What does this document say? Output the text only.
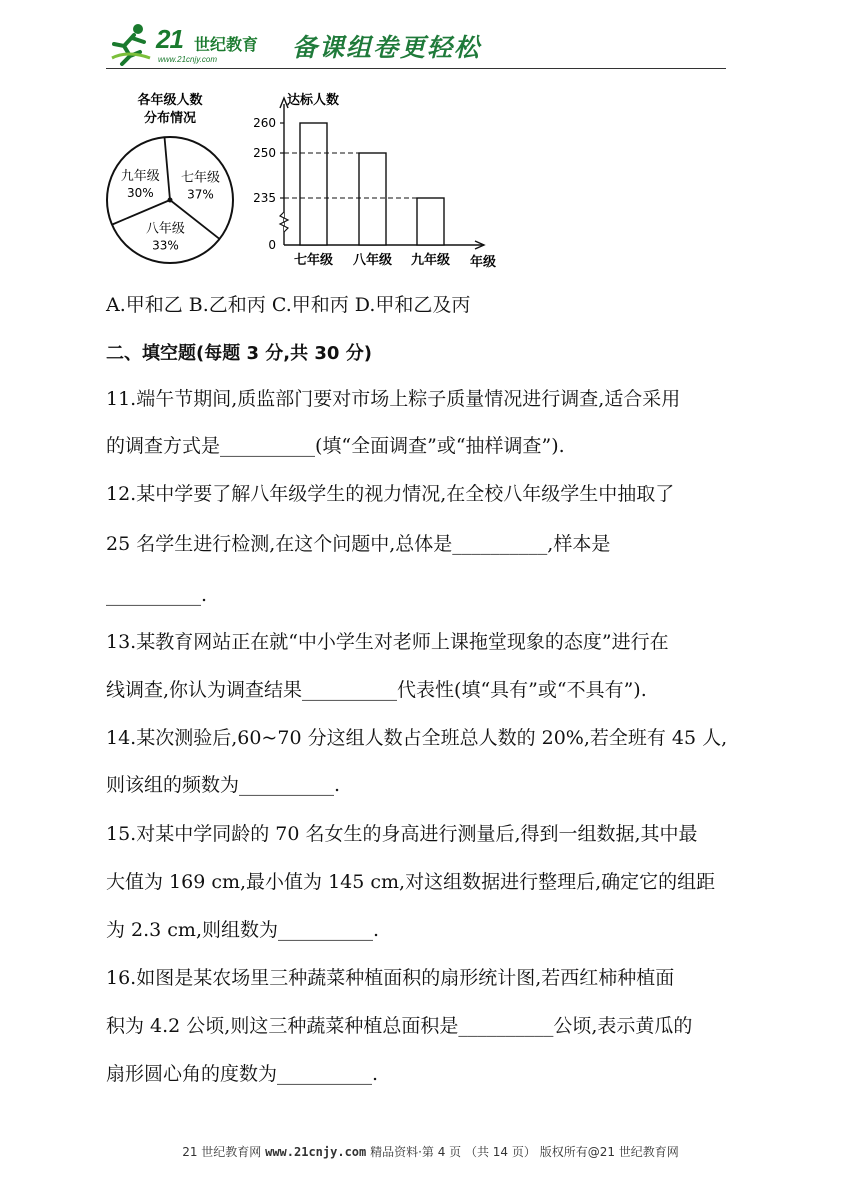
21 世纪教育
www.21cnjy.com	备课组卷更轻松
各年级人数
分布情况
七年级
37%
八年级
33%
九年级
30%
达标人数
0
260
七年级
250
八年级
235
九年级 年级
A.甲和乙 B.乙和丙 C.甲和丙 D.甲和乙及丙
二、填空题(每题 3 分,共 30 分)
11.端午节期间,质监部门要对市场上粽子质量情况进行调查,适合采用
的调查方式是__________(填“全面调查”或“抽样调查”).
12.某中学要了解八年级学生的视力情况,在全校八年级学生中抽取了
25 名学生进行检测,在这个问题中,总体是__________,样本是
__________.
13.某教育网站正在就“中小学生对老师上课拖堂现象的态度”进行在
线调查,你认为调查结果__________代表性(填“具有”或“不具有”).
14.某次测验后,60~70 分这组人数占全班总人数的 20%,若全班有 45 人,
则该组的频数为__________.
15.对某中学同龄的 70 名女生的身高进行测量后,得到一组数据,其中最
大值为 169 cm,最小值为 145 cm,对这组数据进行整理后,确定它的组距
为 2.3 cm,则组数为__________.
16.如图是某农场里三种蔬菜种植面积的扇形统计图,若西红柿种植面
积为 4.2 公顷,则这三种蔬菜种植总面积是__________公顷,表示黄瓜的
扇形圆心角的度数为__________.
21 世纪教育网 www.21cnjy.com 精品资料·第 4 页 （共 14 页） 版权所有@21 世纪教育网
